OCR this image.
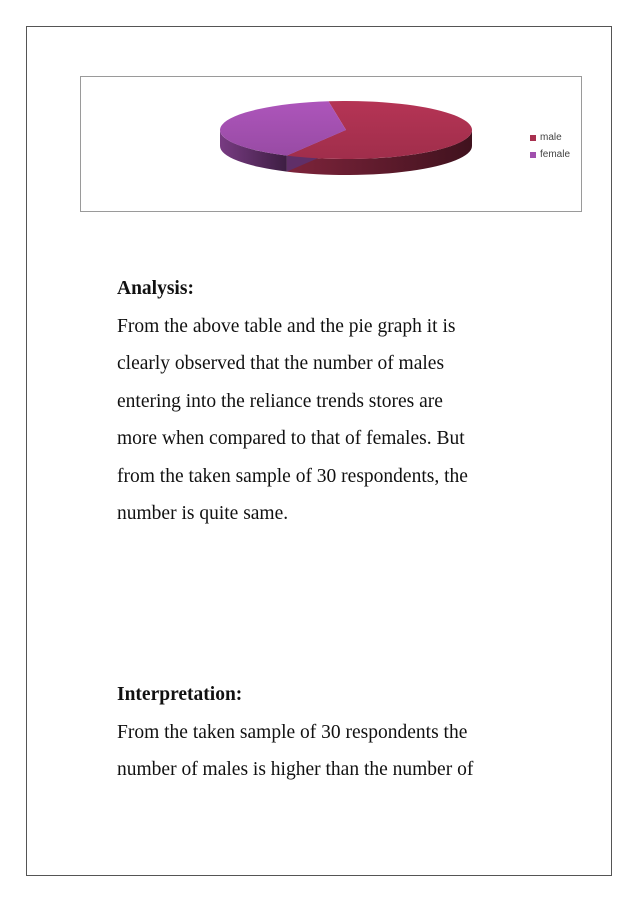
male
female
Analysis:

From the above table and the pie graph it is
clearly observed that the number of males
entering into the reliance trends stores are
more when compared to that of females. But
from the taken sample of 30 respondents, the
number is quite same.

Interpretation:

From the taken sample of 30 respondents the
number of males is higher than the number of
